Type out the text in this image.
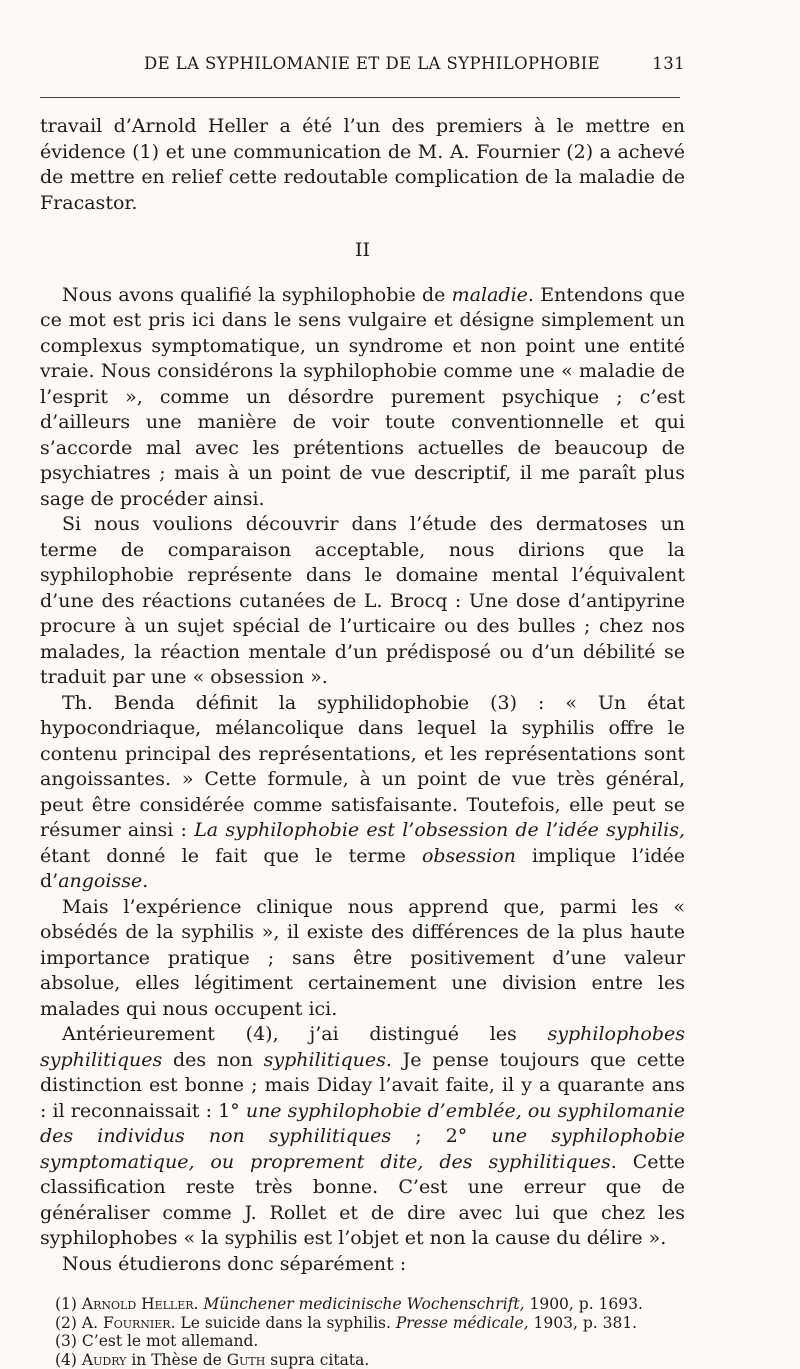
DE LA SYPHILOMANIE ET DE LA SYPHILOPHOBIE	131

travail d’Arnold Heller a été l’un des premiers à le mettre en évidence (1) et une communication de M. A. Fournier (2) a achevé de mettre en relief cette redoutable complication de la maladie de Fracastor.

II

Nous avons qualifié la syphilophobie de maladie. Entendons que ce mot est pris ici dans le sens vulgaire et désigne simplement un complexus symptomatique, un syndrome et non point une entité vraie. Nous considérons la syphilophobie comme une « maladie de l’esprit », comme un désordre purement psychique ; c’est d’ailleurs une manière de voir toute conventionnelle et qui s’accorde mal avec les prétentions actuelles de beaucoup de psychiatres ; mais à un point de vue descriptif, il me paraît plus sage de procéder ainsi.

Si nous voulions découvrir dans l’étude des dermatoses un terme de comparaison acceptable, nous dirions que la syphilophobie représente dans le domaine mental l’équivalent d’une des réactions cutanées de L. Brocq : Une dose d’antipyrine procure à un sujet spécial de l’urticaire ou des bulles ; chez nos malades, la réaction mentale d’un prédisposé ou d’un débilité se traduit par une « obsession ».

Th. Benda définit la syphilidophobie (3) : « Un état hypocondriaque, mélancolique dans lequel la syphilis offre le contenu principal des représentations, et les représentations sont angoissantes. » Cette formule, à un point de vue très général, peut être considérée comme satisfaisante. Toutefois, elle peut se résumer ainsi : La syphilophobie est l’obsession de l’idée syphilis, étant donné le fait que le terme obsession implique l’idée d’angoisse.

Mais l’expérience clinique nous apprend que, parmi les « obsédés de la syphilis », il existe des différences de la plus haute importance pratique ; sans être positivement d’une valeur absolue, elles légitiment certainement une division entre les malades qui nous occupent ici.

Antérieurement (4), j’ai distingué les syphilophobes syphilitiques des non syphilitiques. Je pense toujours que cette distinction est bonne ; mais Diday l’avait faite, il y a quarante ans : il reconnaissait : 1° une syphilophobie d’emblée, ou syphilomanie des individus non syphilitiques ; 2° une syphilophobie symptomatique, ou proprement dite, des syphilitiques. Cette classification reste très bonne. C’est une erreur que de généraliser comme J. Rollet et de dire avec lui que chez les syphilophobes « la syphilis est l’objet et non la cause du délire ».

Nous étudierons donc séparément :

(1) Arnold Heller. Münchener medicinische Wochenschrift, 1900, p. 1693.
(2) A. Fournier. Le suicide dans la syphilis. Presse médicale, 1903, p. 381.
(3) C’est le mot allemand.
(4) Audry in Thèse de Guth supra citata.
